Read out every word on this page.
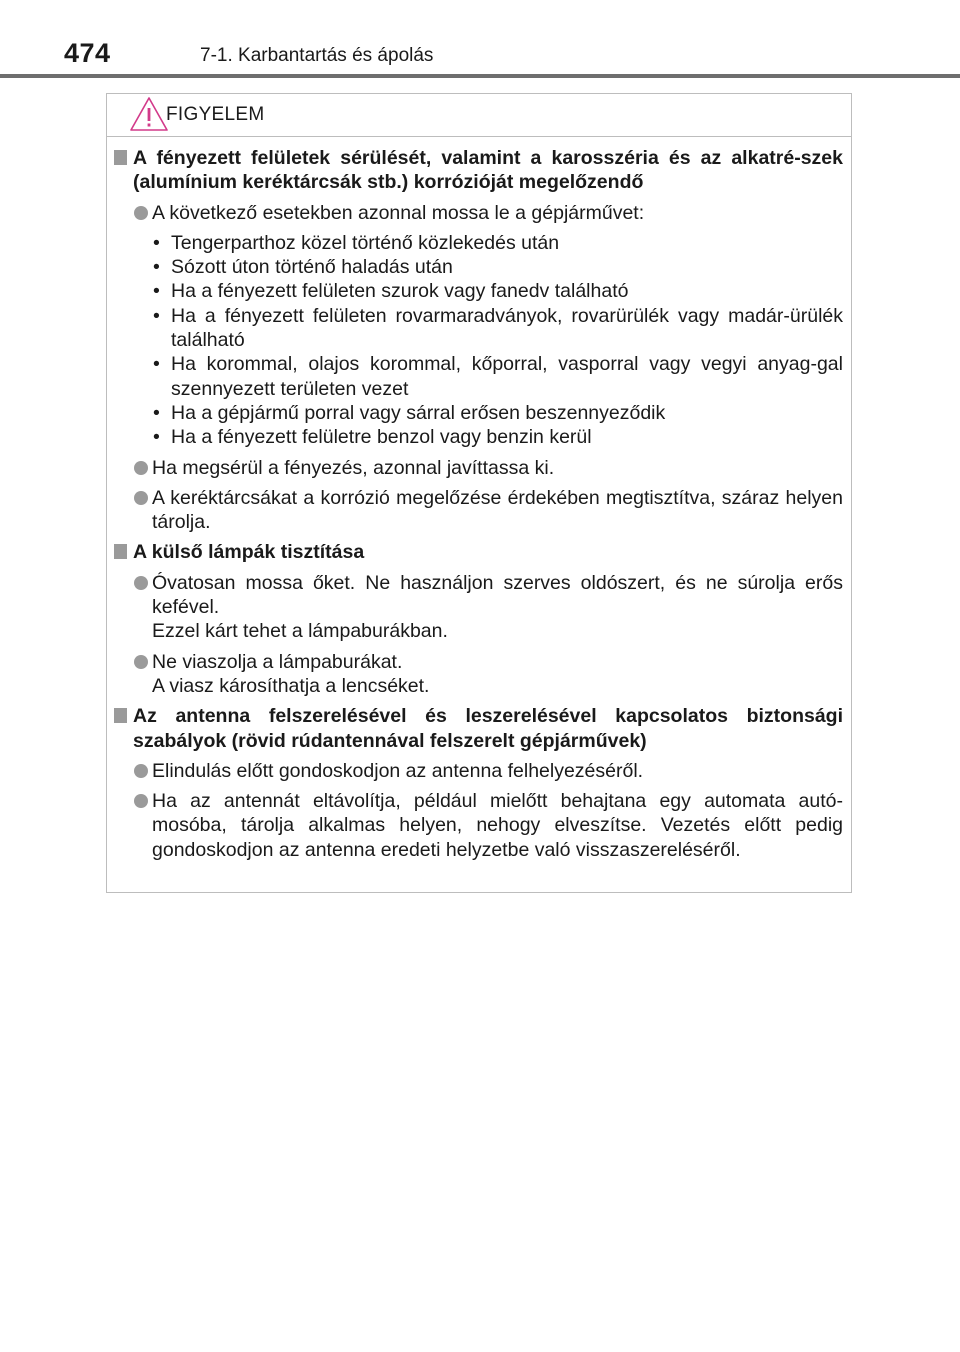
474	7-1. Karbantartás és ápolás
FIGYELEM
A fényezett felületek sérülését, valamint a karosszéria és az alkatré-szek (alumínium keréktárcsák stb.) korrózióját megelőzendő
A következő esetekben azonnal mossa le a gépjárművet:
• Tengerparthoz közel történő közlekedés után
• Sózott úton történő haladás után
• Ha a fényezett felületen szurok vagy fanedv található
• Ha a fényezett felületen rovarmaradványok, rovarürülék vagy madár-ürülék található
• Ha korommal, olajos korommal, kőporral, vasporral vagy vegyi anyag-gal szennyezett területen vezet
• Ha a gépjármű porral vagy sárral erősen beszennyeződik
• Ha a fényezett felületre benzol vagy benzin kerül
Ha megsérül a fényezés, azonnal javíttassa ki.
A keréktárcsákat a korrózió megelőzése érdekében megtisztítva, száraz helyen tárolja.
A külső lámpák tisztítása
Óvatosan mossa őket. Ne használjon szerves oldószert, és ne súrolja erős kefével.
Ezzel kárt tehet a lámpaburákban.
Ne viaszolja a lámpaburákat.
A viasz károsíthatja a lencséket.
Az antenna felszerelésével és leszerelésével kapcsolatos biztonsági szabályok (rövid rúdantennával felszerelt gépjárművek)
Elindulás előtt gondoskodjon az antenna felhelyezéséről.
Ha az antennát eltávolítja, például mielőtt behajtana egy automata autó-mosóba, tárolja alkalmas helyen, nehogy elveszítse. Vezetés előtt pedig gondoskodjon az antenna eredeti helyzetbe való visszaszereléséről.
